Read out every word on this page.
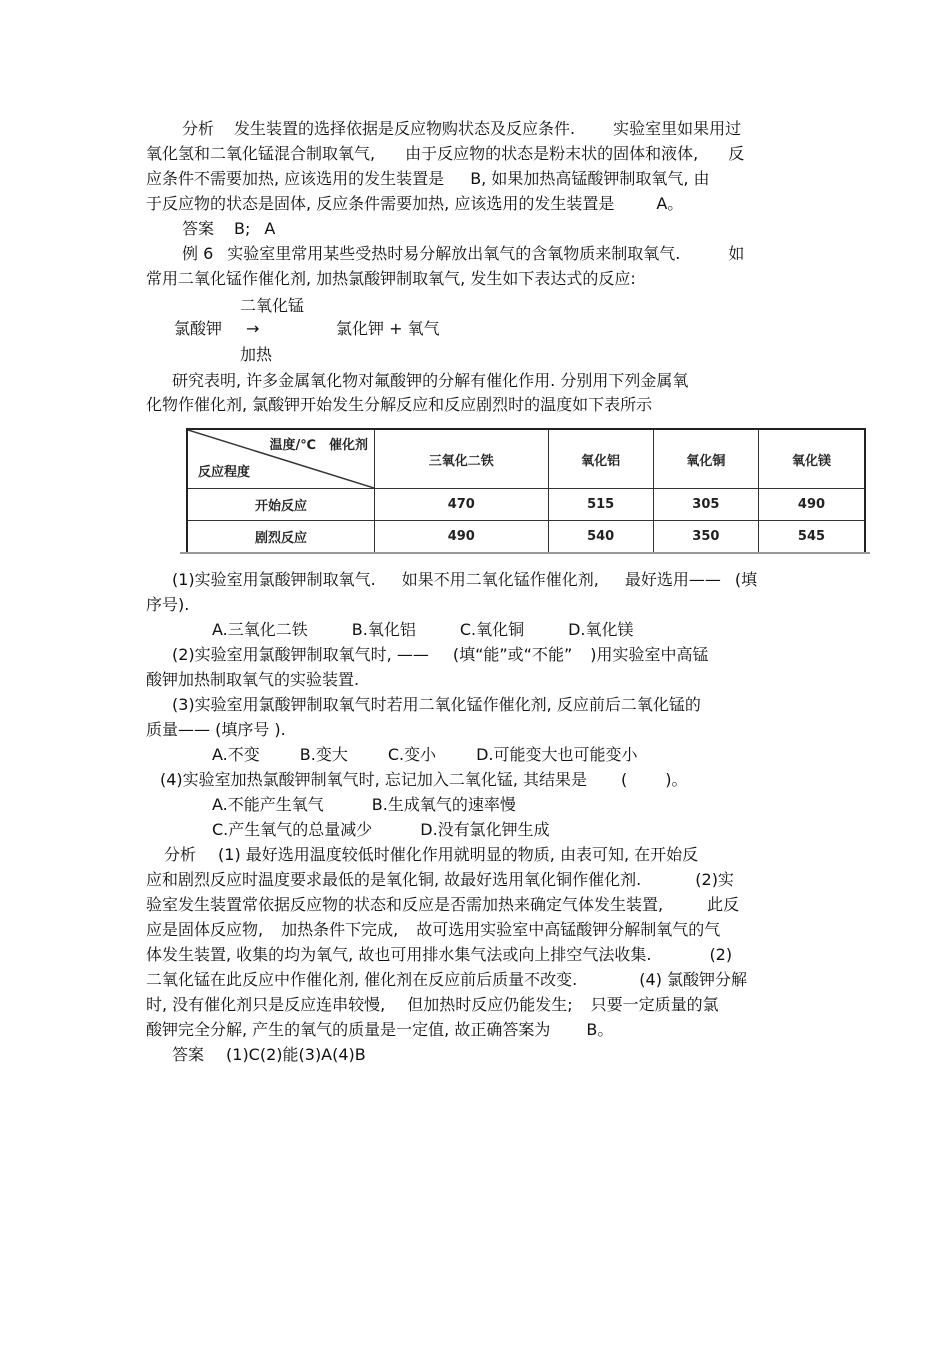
分析 发生装置的选择依据是反应物购状态及反应条件. 实验室里如果用过
氧化氢和二氧化锰混合制取氧气, 由于反应物的状态是粉末状的固体和液体, 反
应条件不需要加热, 应该选用的发生装置是 B, 如果加热高锰酸钾制取氧气, 由
于反应物的状态是固体, 反应条件需要加热, 应该选用的发生装置是	A。
答案 B; A
例 6 实验室里常用某些受热时易分解放出氧气的含氧物质来制取氧气.	如
常用二氧化锰作催化剂, 加热氯酸钾制取氧气, 发生如下表达式的反应:
二氧化锰
氯酸钾 →	氯化钾 + 氧气
加热
研究表明, 许多金属氧化物对氟酸钾的分解有催化作用. 分别用下列金属氧
化物作催化剂, 氯酸钾开始发生分解反应和反应剧烈时的温度如下表所示
温度/℃ 催化剂
反应程度	三氧化二铁	氧化铝	氧化铜	氧化镁
开始反应	470	515	305	490
剧烈反应	490	540	350	545
(1)实验室用氯酸钾制取氧气. 如果不用二氧化锰作催化剂, 最好选用—— (填
序号).
A.三氧化二铁	B.氧化铝	C.氧化铜	D.氧化镁
(2)实验室用氯酸钾制取氧气时, —— (填“能”或“不能” )用实验室中高锰
酸钾加热制取氧气的实验装置.
(3)实验室用氯酸钾制取氧气时若用二氧化锰作催化剂, 反应前后二氧化锰的
质量—— (填序号 ).
A.不变	B.变大	C.变小	D.可能变大也可能变小
(4)实验室加热氯酸钾制氧气时, 忘记加入二氧化锰, 其结果是 ( )。
A.不能产生氧气	B.生成氧气的速率慢
C.产生氧气的总量减少	D.没有氯化钾生成
分析 (1) 最好选用温度较低时催化作用就明显的物质, 由表可知, 在开始反
应和剧烈反应时温度要求最低的是氧化铜, 故最好选用氧化铜作催化剂.	(2)实
验室发生装置常依据反应物的状态和反应是否需加热来确定气体发生装置,	此反
应是固体反应物, 加热条件下完成, 故可选用实验室中高锰酸钾分解制氧气的气
体发生装置, 收集的均为氧气, 故也可用排水集气法或向上排空气法收集.	(2)
二氧化锰在此反应中作催化剂, 催化剂在反应前后质量不改变.	(4) 氯酸钾分解
时, 没有催化剂只是反应连串较慢, 但加热时反应仍能发生; 只要一定质量的氯
酸钾完全分解, 产生的氧气的质量是一定值, 故正确答案为 B。
答案 (1)C(2)能(3)A(4)B
